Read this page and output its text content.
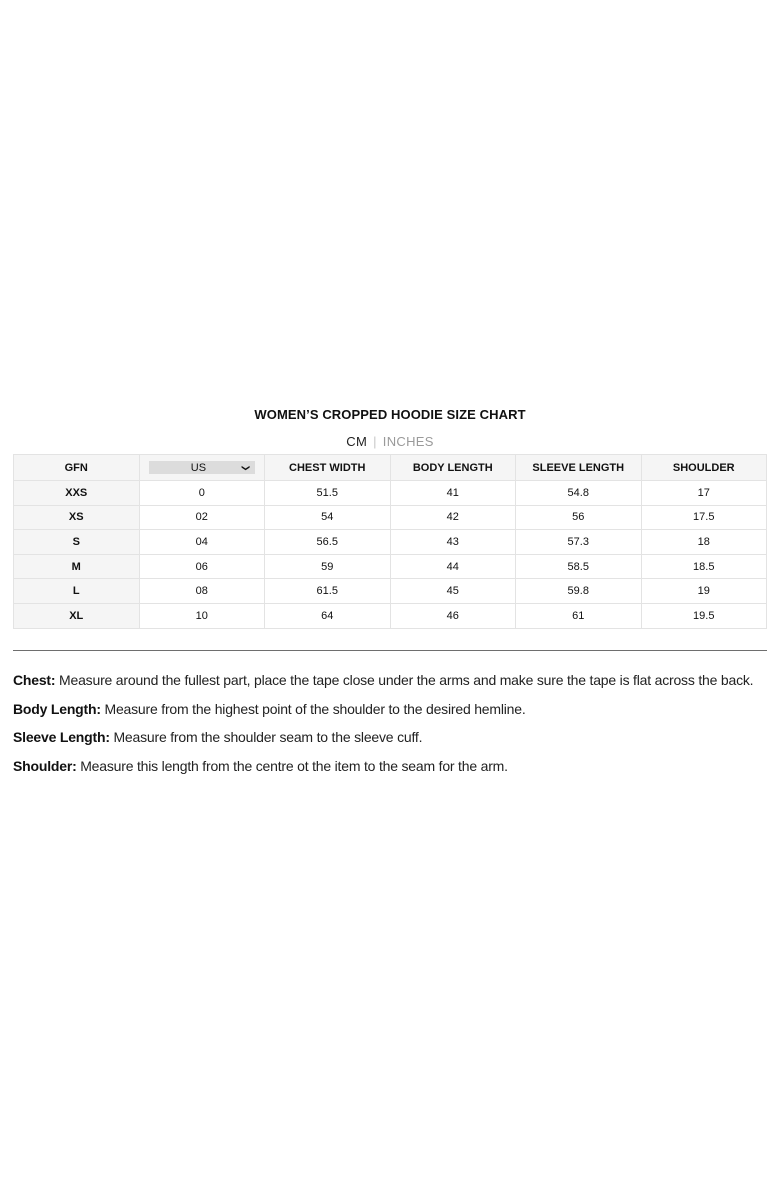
WOMEN’S CROPPED HOODIE SIZE CHART
CM | INCHES
GFN	US ❯	CHEST WIDTH	BODY LENGTH	SLEEVE LENGTH	SHOULDER
XXS	0	51.5	41	54.8	17
XS	02	54	42	56	17.5
S	04	56.5	43	57.3	18
M	06	59	44	58.5	18.5
L	08	61.5	45	59.8	19
XL	10	64	46	61	19.5

Chest: Measure around the fullest part, place the tape close under the arms and make sure the tape is flat across the back.

Body Length: Measure from the highest point of the shoulder to the desired hemline.

Sleeve Length: Measure from the shoulder seam to the sleeve cuff.

Shoulder: Measure this length from the centre ot the item to the seam for the arm.
